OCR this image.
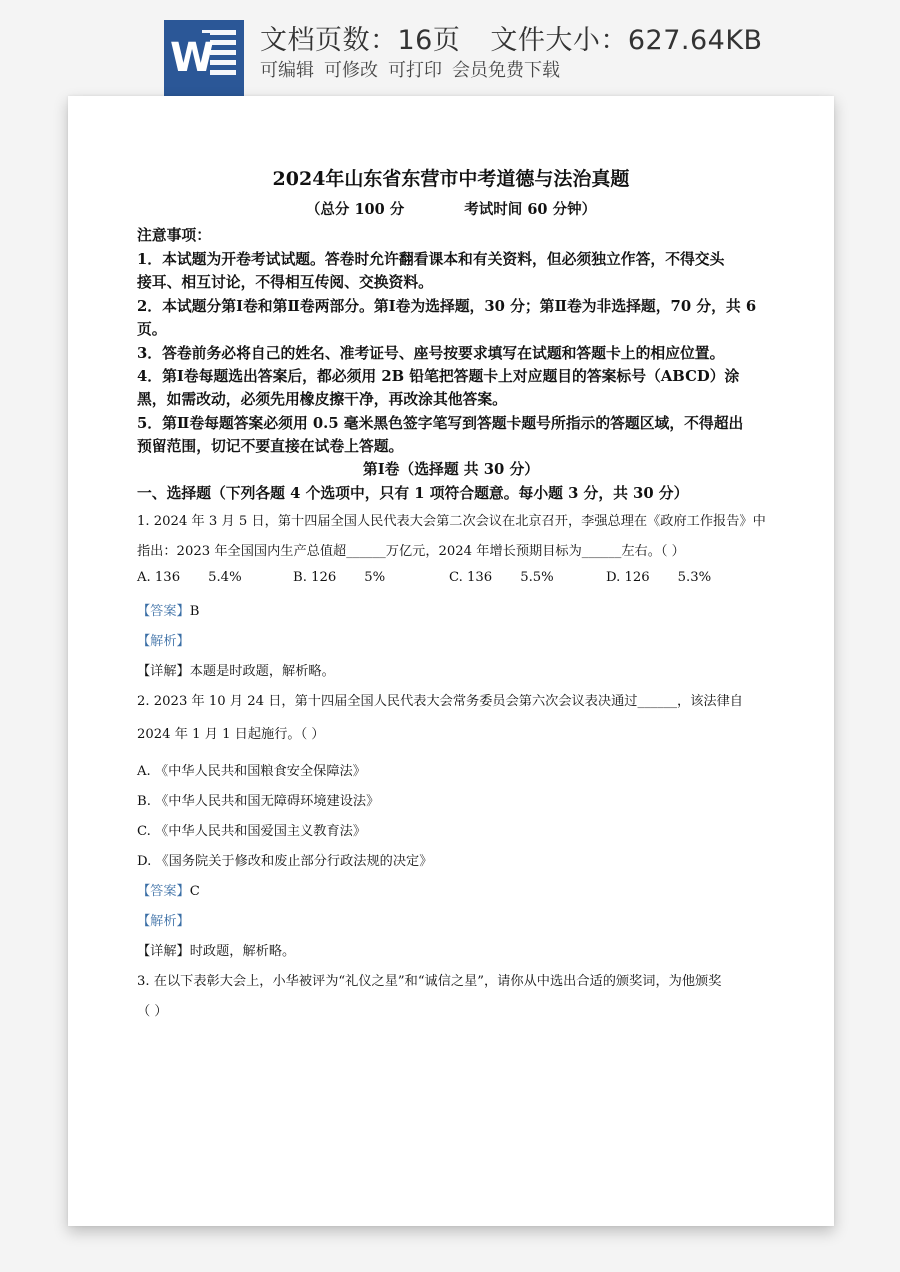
W 文档页数：16页 文件大小：627.64KB
可编辑 可修改 可打印 会员免费下载
2024年山东省东营市中考道德与法治真题
（总分 100 分	考试时间 60 分钟）
注意事项：
1．本试题为开卷考试试题。答卷时允许翻看课本和有关资料，但必须独立作答，不得交头
接耳、相互讨论，不得相互传阅、交换资料。
2．本试题分第Ⅰ卷和第Ⅱ卷两部分。第Ⅰ卷为选择题，30 分；第Ⅱ卷为非选择题，70 分，共 6
页。
3．答卷前务必将自己的姓名、准考证号、座号按要求填写在试题和答题卡上的相应位置。
4．第Ⅰ卷每题选出答案后，都必须用 2B 铅笔把答题卡上对应题目的答案标号（ABCD）涂
黑，如需改动，必须先用橡皮擦干净，再改涂其他答案。
5．第Ⅱ卷每题答案必须用 0.5 毫米黑色签字笔写到答题卡题号所指示的答题区域，不得超出
预留范围，切记不要直接在试卷上答题。
第Ⅰ卷（选择题 共 30 分）
一、选择题（下列各题 4 个选项中，只有 1 项符合题意。每小题 3 分，共 30 分）
1. 2024 年 3 月 5 日，第十四届全国人民代表大会第二次会议在北京召开，李强总理在《政府工作报告》中
指出：2023 年全国国内生产总值超______万亿元，2024 年增长预期目标为______左右。（ ）
A. 136 5.4%	B. 126 5%	C. 136 5.5%	D. 126 5.3%
【答案】B
【解析】
【详解】本题是时政题，解析略。
2. 2023 年 10 月 24 日，第十四届全国人民代表大会常务委员会第六次会议表决通过______，该法律自
2024 年 1 月 1 日起施行。（ ）
A. 《中华人民共和国粮食安全保障法》
B. 《中华人民共和国无障碍环境建设法》
C. 《中华人民共和国爱国主义教育法》
D. 《国务院关于修改和废止部分行政法规的决定》
【答案】C
【解析】
【详解】时政题，解析略。
3. 在以下表彰大会上，小华被评为“礼仪之星”和“诚信之星”，请你从中选出合适的颁奖词，为他颁奖
（ ）
